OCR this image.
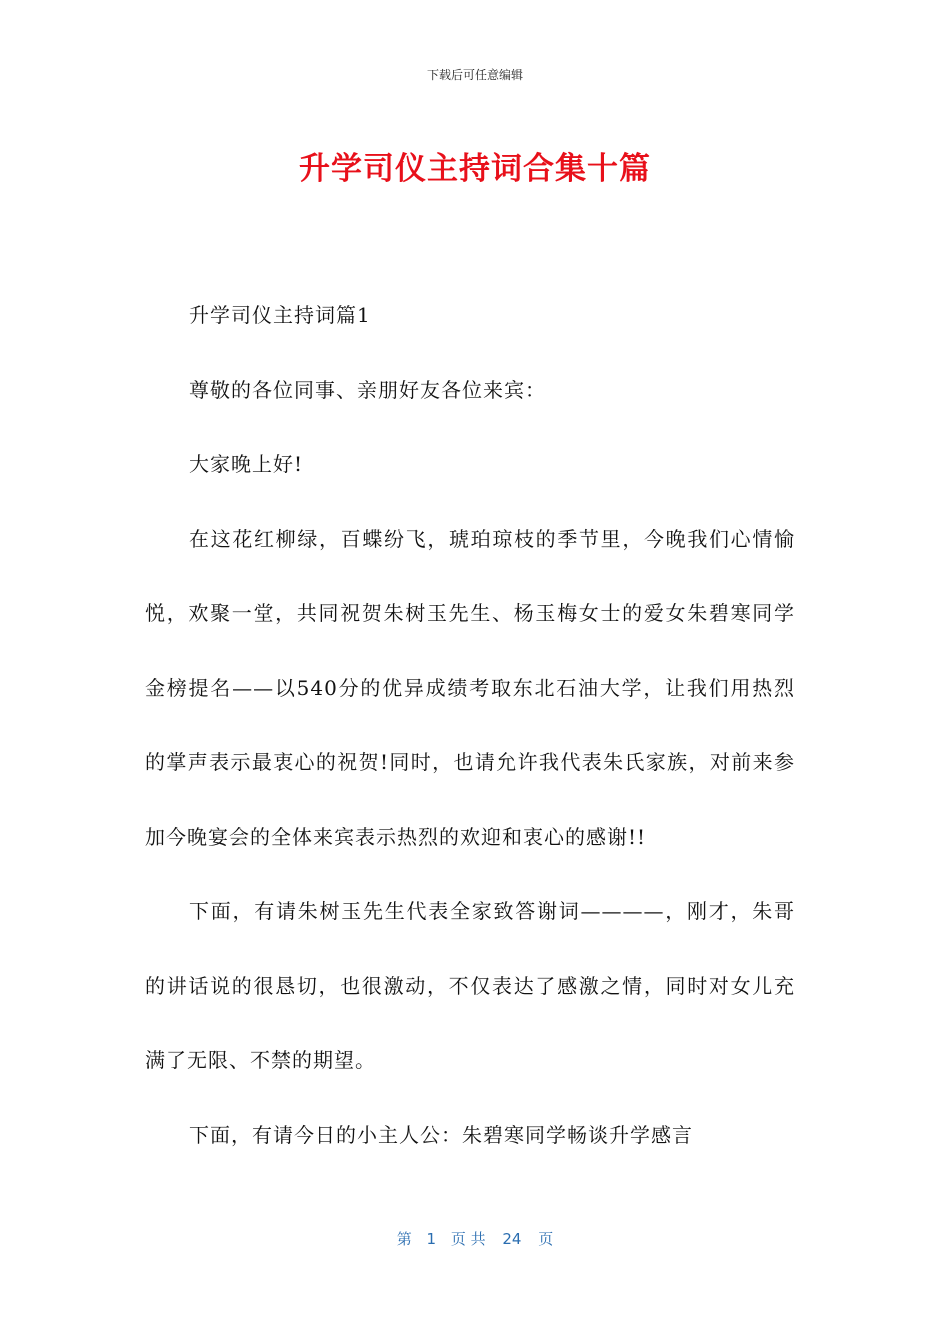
下载后可任意编辑
升学司仪主持词合集十篇

升学司仪主持词篇1

尊敬的各位同事、亲朋好友各位来宾：

大家晚上好!

在这花红柳绿，百蝶纷飞，琥珀琼枝的季节里，今晚我们心情愉悦，欢聚一堂，共同祝贺朱树玉先生、杨玉梅女士的爱女朱碧寒同学金榜提名——以540分的优异成绩考取东北石油大学，让我们用热烈的掌声表示最衷心的祝贺!同时，也请允许我代表朱氏家族，对前来参加今晚宴会的全体来宾表示热烈的欢迎和衷心的感谢!!

下面，有请朱树玉先生代表全家致答谢词————，刚才，朱哥的讲话说的很恳切，也很激动，不仅表达了感激之情，同时对女儿充满了无限、不禁的期望。

下面，有请今日的小主人公：朱碧寒同学畅谈升学感言

第 1 页 共 24 页
